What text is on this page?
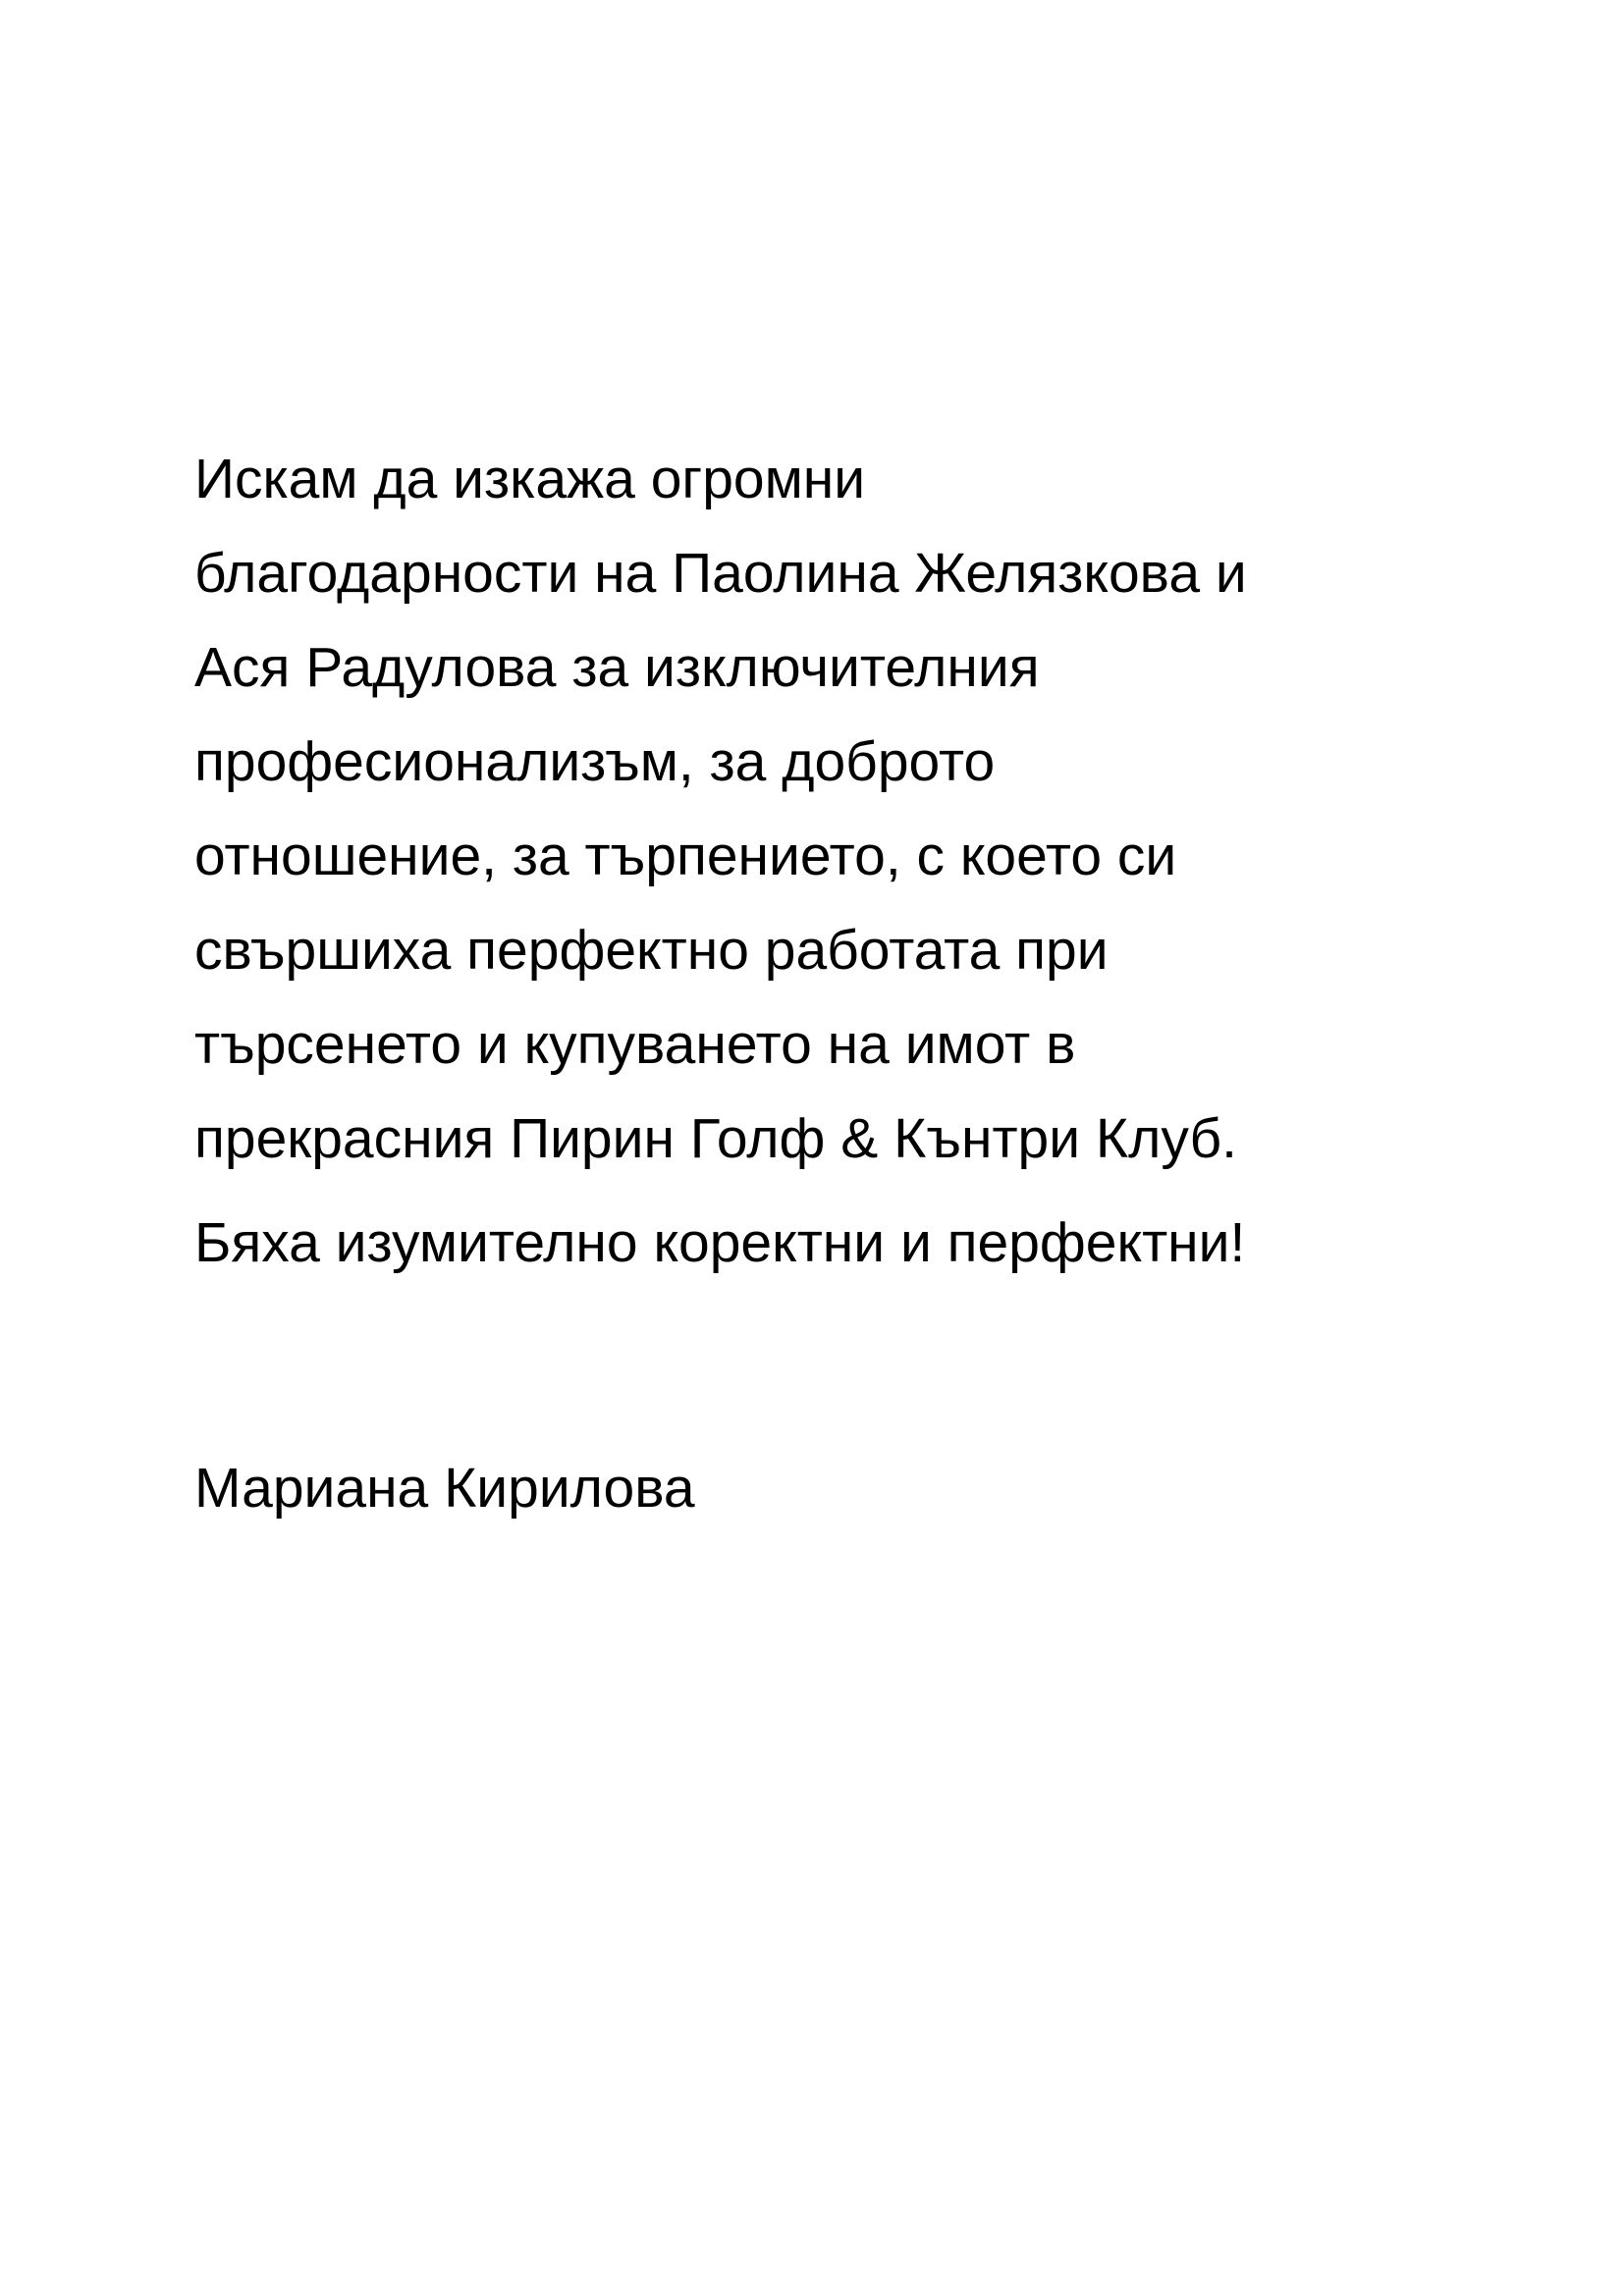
Искам да изкажа огромни
благодарности на Паолина Желязкова и
Ася Радулова за изключителния
професионализъм, за доброто
отношение, за търпението, с което си
свършиха перфектно работата при
търсенето и купуването на имот в
прекрасния Пирин Голф & Кънтри Клуб.

Бяха изумително коректни и перфектни!

Мариана Кирилова
